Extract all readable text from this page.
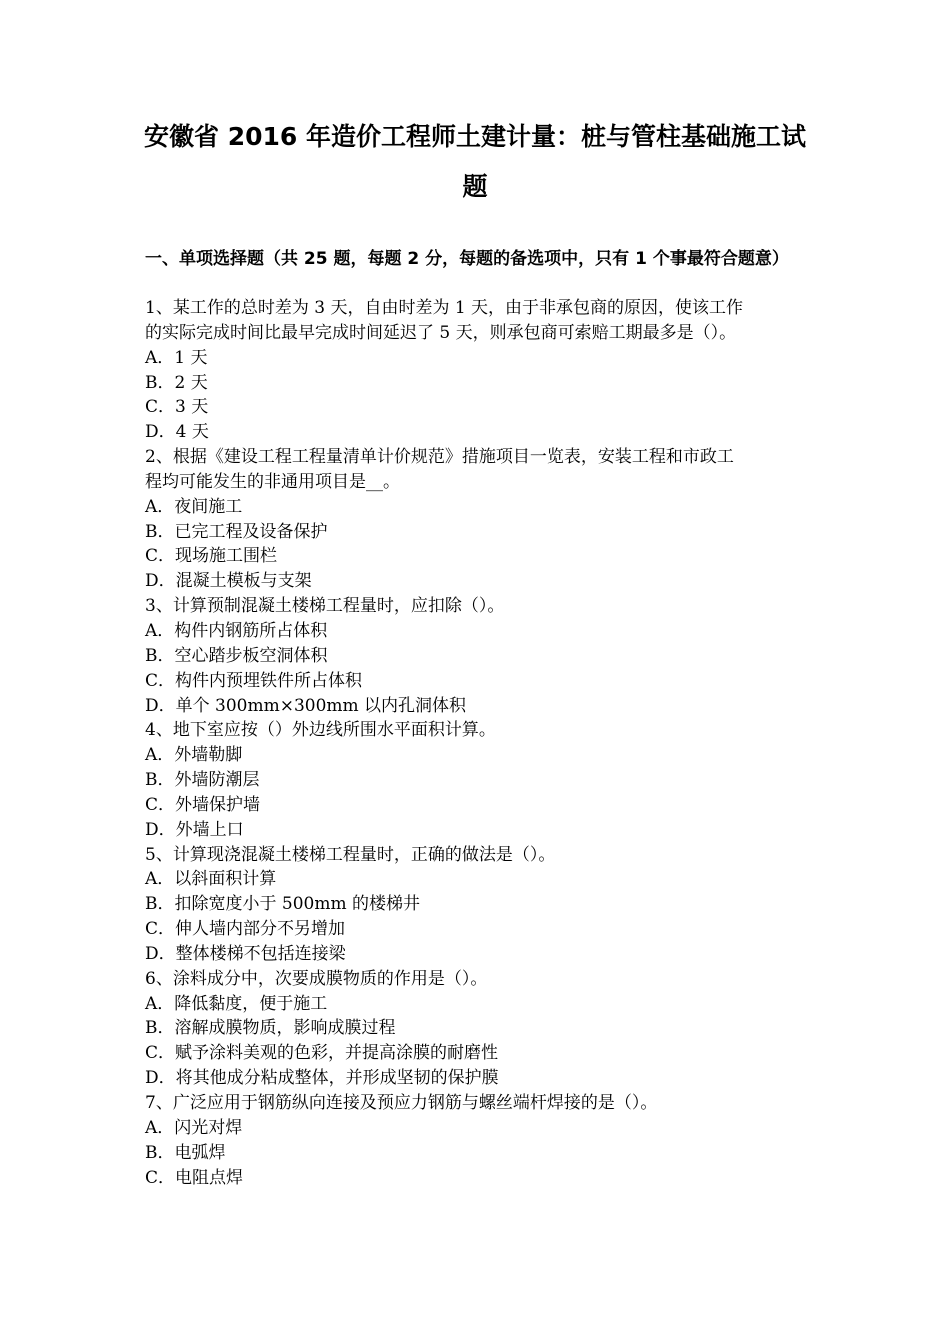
安徽省 2016 年造价工程师土建计量：桩与管柱基础施工试题

一、单项选择题（共 25 题，每题 2 分，每题的备选项中，只有 1 个事最符合题意）

1、某工作的总时差为 3 天，自由时差为 1 天，由于非承包商的原因，使该工作
的实际完成时间比最早完成时间延迟了 5 天，则承包商可索赔工期最多是（）。
A．1 天
B．2 天
C．3 天
D．4 天
2、根据《建设工程工程量清单计价规范》措施项目一览表，安装工程和市政工
程均可能发生的非通用项目是__。
A．夜间施工
B．已完工程及设备保护
C．现场施工围栏
D．混凝土模板与支架
3、计算预制混凝土楼梯工程量时，应扣除（）。
A．构件内钢筋所占体积
B．空心踏步板空洞体积
C．构件内预埋铁件所占体积
D．单个 300mm×300mm 以内孔洞体积
4、地下室应按（）外边线所围水平面积计算。
A．外墙勒脚
B．外墙防潮层
C．外墙保护墙
D．外墙上口
5、计算现浇混凝土楼梯工程量时，正确的做法是（）。
A．以斜面积计算
B．扣除宽度小于 500mm 的楼梯井
C．伸人墙内部分不另增加
D．整体楼梯不包括连接梁
6、涂料成分中，次要成膜物质的作用是（）。
A．降低黏度，便于施工
B．溶解成膜物质，影响成膜过程
C．赋予涂料美观的色彩，并提高涂膜的耐磨性
D．将其他成分粘成整体，并形成坚韧的保护膜
7、广泛应用于钢筋纵向连接及预应力钢筋与螺丝端杆焊接的是（）。
A．闪光对焊
B．电弧焊
C．电阻点焊
